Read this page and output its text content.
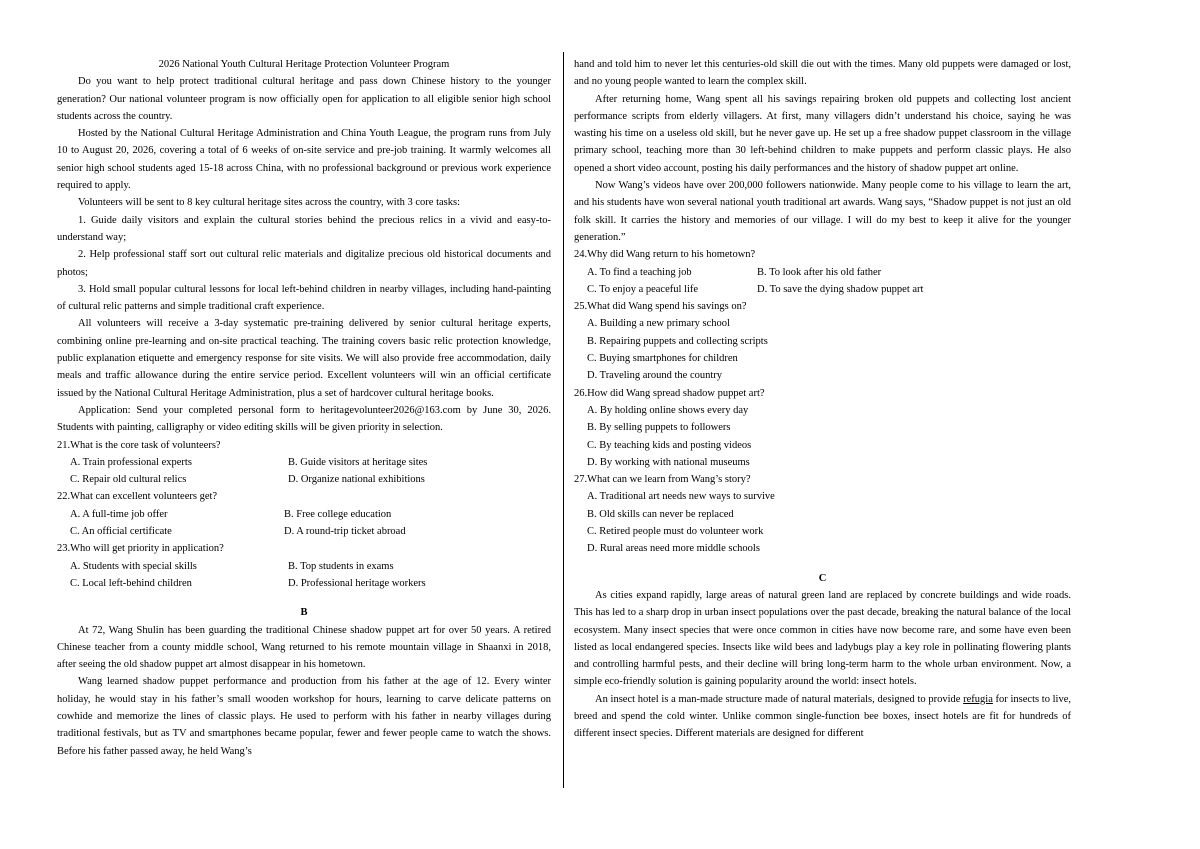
2026 National Youth Cultural Heritage Protection Volunteer Program

Do you want to help protect traditional cultural heritage and pass down Chinese history to the younger generation? Our national volunteer program is now officially open for application to all eligible senior high school students across the country.

Hosted by the National Cultural Heritage Administration and China Youth League, the program runs from July 10 to August 20, 2026, covering a total of 6 weeks of on-site service and pre-job training. It warmly welcomes all senior high school students aged 15-18 across China, with no professional background or previous work experience required to apply.

Volunteers will be sent to 8 key cultural heritage sites across the country, with 3 core tasks:

1. Guide daily visitors and explain the cultural stories behind the precious relics in a vivid and easy-to-understand way;

2. Help professional staff sort out cultural relic materials and digitalize precious old historical documents and photos;

3. Hold small popular cultural lessons for local left-behind children in nearby villages, including hand-painting of cultural relic patterns and simple traditional craft experience.

All volunteers will receive a 3-day systematic pre-training delivered by senior cultural heritage experts, combining online pre-learning and on-site practical teaching. The training covers basic relic protection knowledge, public explanation etiquette and emergency response for site visits. We will also provide free accommodation, daily meals and traffic allowance during the entire service period. Excellent volunteers will win an official certificate issued by the National Cultural Heritage Administration, plus a set of hardcover cultural heritage books.

Application: Send your completed personal form to heritagevolunteer2026@163.com by June 30, 2026. Students with painting, calligraphy or video editing skills will be given priority in selection.

21.What is the core task of volunteers?

A. Train professional experts	B. Guide visitors at heritage sites
C. Repair old cultural relics	D. Organize national exhibitions

22.What can excellent volunteers get?

A. A full-time job offer	B. Free college education
C. An official certificate	D. A round-trip ticket abroad

23.Who will get priority in application?

A. Students with special skills	B. Top students in exams
C. Local left-behind children	D. Professional heritage workers

B

At 72, Wang Shulin has been guarding the traditional Chinese shadow puppet art for over 50 years. A retired Chinese teacher from a county middle school, Wang returned to his remote mountain village in Shaanxi in 2018, after seeing the old shadow puppet art almost disappear in his hometown.

Wang learned shadow puppet performance and production from his father at the age of 12. Every winter holiday, he would stay in his father’s small wooden workshop for hours, learning to carve delicate patterns on cowhide and memorize the lines of classic plays. He used to perform with his father in nearby villages during traditional festivals, but as TV and smartphones became popular, fewer and fewer people came to watch the shows. Before his father passed away, he held Wang’s

hand and told him to never let this centuries-old skill die out with the times. Many old puppets were damaged or lost, and no young people wanted to learn the complex skill.

After returning home, Wang spent all his savings repairing broken old puppets and collecting lost ancient performance scripts from elderly villagers. At first, many villagers didn’t understand his choice, saying he was wasting his time on a useless old skill, but he never gave up. He set up a free shadow puppet classroom in the village primary school, teaching more than 30 left-behind children to make puppets and perform classic plays. He also opened a short video account, posting his daily performances and the history of shadow puppet art online.

Now Wang’s videos have over 200,000 followers nationwide. Many people come to his village to learn the art, and his students have won several national youth traditional art awards. Wang says, “Shadow puppet is not just an old folk skill. It carries the history and memories of our village. I will do my best to keep it alive for the younger generation.”

24.Why did Wang return to his hometown?

A. To find a teaching job	B. To look after his old father
C. To enjoy a peaceful life	D. To save the dying shadow puppet art

25.What did Wang spend his savings on?

A. Building a new primary school
B. Repairing puppets and collecting scripts
C. Buying smartphones for children
D. Traveling around the country

26.How did Wang spread shadow puppet art?

A. By holding online shows every day
B. By selling puppets to followers
C. By teaching kids and posting videos
D. By working with national museums

27.What can we learn from Wang’s story?

A. Traditional art needs new ways to survive
B. Old skills can never be replaced
C. Retired people must do volunteer work
D. Rural areas need more middle schools

C

As cities expand rapidly, large areas of natural green land are replaced by concrete buildings and wide roads. This has led to a sharp drop in urban insect populations over the past decade, breaking the natural balance of the local ecosystem. Many insect species that were once common in cities have now become rare, and some have even been listed as local endangered species. Insects like wild bees and ladybugs play a key role in pollinating flowering plants and controlling harmful pests, and their decline will bring long-term harm to the whole urban environment. Now, a simple eco-friendly solution is gaining popularity around the world: insect hotels.

An insect hotel is a man-made structure made of natural materials, designed to provide refugia for insects to live, breed and spend the cold winter. Unlike common single-function bee boxes, insect hotels are fit for hundreds of different insect species. Different materials are designed for different
